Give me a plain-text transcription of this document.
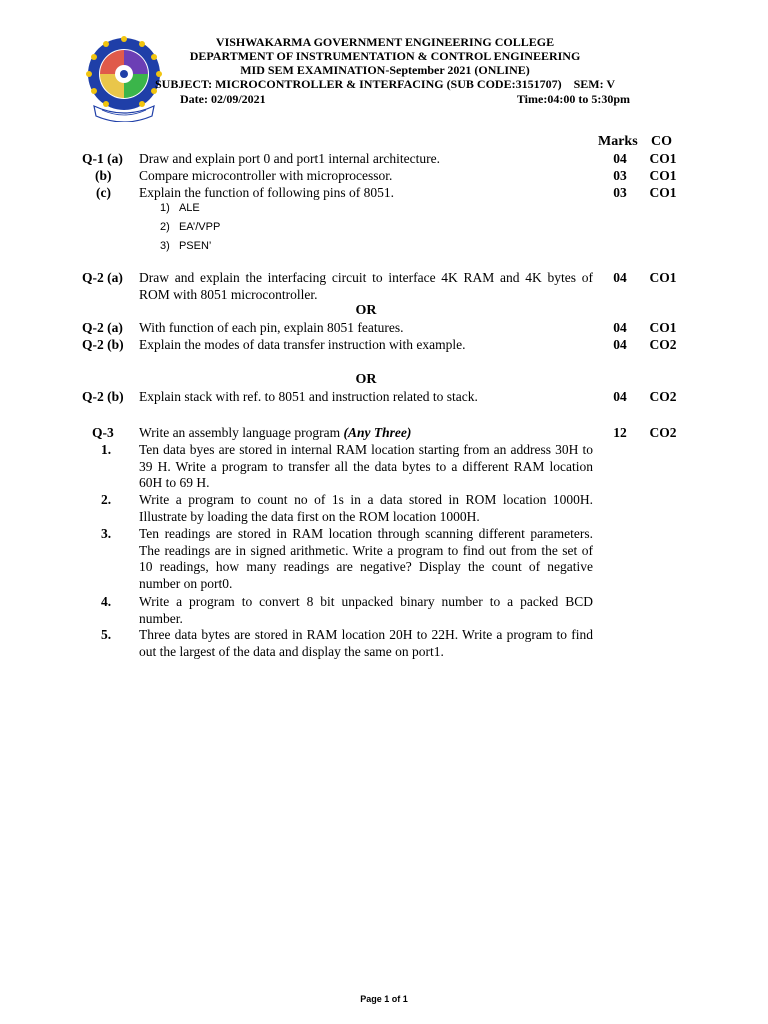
VISHWAKARMA GOVERNMENT ENGINEERING COLLEGE
DEPARTMENT OF INSTRUMENTATION & CONTROL ENGINEERING
MID SEM EXAMINATION-September 2021 (ONLINE)
SUBJECT: MICROCONTROLLER & INTERFACING (SUB CODE:3151707)    SEM: V
Date: 02/09/2021	Time:04:00 to 5:30pm
Marks CO
Q-1 (a) Draw and explain port 0 and port1 internal architecture.	04	CO1
(b) Compare microcontroller with microprocessor.	03	CO1
(c) Explain the function of following pins of 8051.	03	CO1
1) ALE
2) EA’/VPP
3) PSEN’
Q-2 (a) Draw and explain the interfacing circuit to interface 4K RAM and 4K bytes of ROM with 8051 microcontroller.
04	CO1
OR
Q-2 (a) With function of each pin, explain 8051 features.	04	CO1
Q-2 (b) Explain the modes of data transfer instruction with example.	04	CO2
OR
Q-2 (b) Explain stack with ref. to 8051 and instruction related to stack.	04	CO2
Q-3 Write an assembly language program (Any Three)	12	CO2
1.	Ten data byes are stored in internal RAM location starting from an address 30H to 39 H. Write a program to transfer all the data bytes to a different RAM location 60H to 69 H.
2.	Write a program to count no of 1s in a data stored in ROM location 1000H. Illustrate by loading the data first on the ROM location 1000H.
3.	Ten readings are stored in RAM location through scanning different parameters. The readings are in signed arithmetic. Write a program to find out from the set of 10 readings, how many readings are negative? Display the count of negative number on port0.
4.	Write a program to convert 8 bit unpacked binary number to a packed BCD number.
5.	Three data bytes are stored in RAM location 20H to 22H. Write a program to find out the largest of the data and display the same on port1.
Page 1 of 1
